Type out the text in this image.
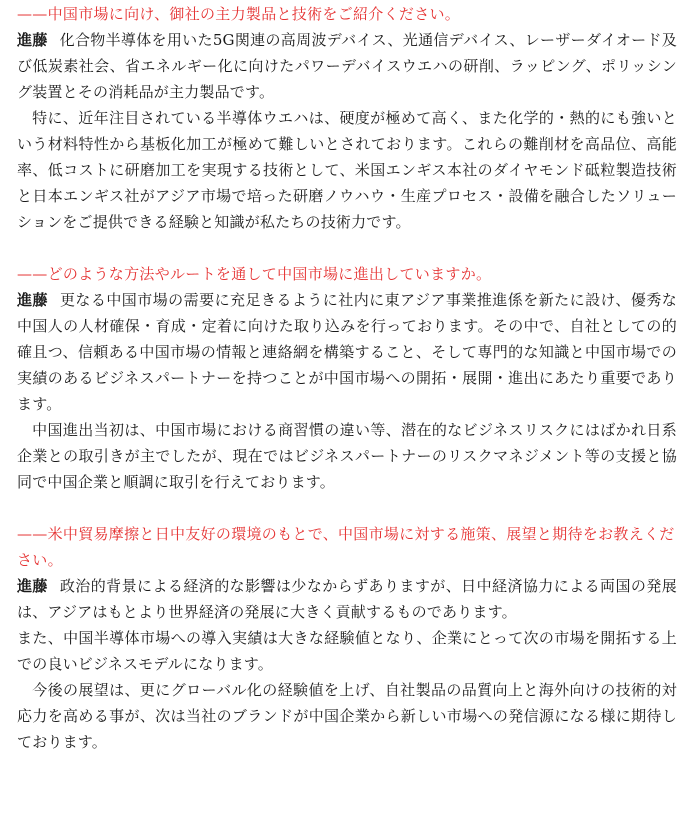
——中国市場に向け、御社の主力製品と技術をご紹介ください。

進藤 化合物半導体を用いた5G関連の高周波デバイス、光通信デバイス、レーザーダイオード及び低炭素社会、省エネルギー化に向けたパワーデバイスウエハの研削、ラッピング、ポリッシング装置とその消耗品が主力製品です。

特に、近年注目されている半導体ウエハは、硬度が極めて高く、また化学的・熱的にも強いという材料特性から基板化加工が極めて難しいとされております。これらの難削材を高品位、高能率、低コストに研磨加工を実現する技術として、米国エンギス本社のダイヤモンド砥粒製造技術と日本エンギス社がアジア市場で培った研磨ノウハウ・生産プロセス・設備を融合したソリューションをご提供できる経験と知識が私たちの技術力です。

——どのような方法やルートを通して中国市場に進出していますか。

進藤 更なる中国市場の需要に充足きるように社内に東アジア事業推進係を新たに設け、優秀な中国人の人材確保・育成・定着に向けた取り込みを行っております。その中で、自社としての的確且つ、信頼ある中国市場の情報と連絡網を構築すること、そして専門的な知識と中国市場での実績のあるビジネスパートナーを持つことが中国市場への開拓・展開・進出にあたり重要であります。

中国進出当初は、中国市場における商習慣の違い等、潜在的なビジネスリスクにはばかれ日系企業との取引きが主でしたが、現在ではビジネスパートナーのリスクマネジメント等の支援と協同で中国企業と順調に取引を行えております。

——米中貿易摩擦と日中友好の環境のもとで、中国市場に対する施策、展望と期待をお教えください。

進藤 政治的背景による経済的な影響は少なからずありますが、日中経済協力による両国の発展は、アジアはもとより世界経済の発展に大きく貢献するものであります。

また、中国半導体市場への導入実績は大きな経験値となり、企業にとって次の市場を開拓する上での良いビジネスモデルになります。

今後の展望は、更にグローバル化の経験値を上げ、自社製品の品質向上と海外向けの技術的対応力を高める事が、次は当社のブランドが中国企業から新しい市場への発信源になる様に期待しております。
